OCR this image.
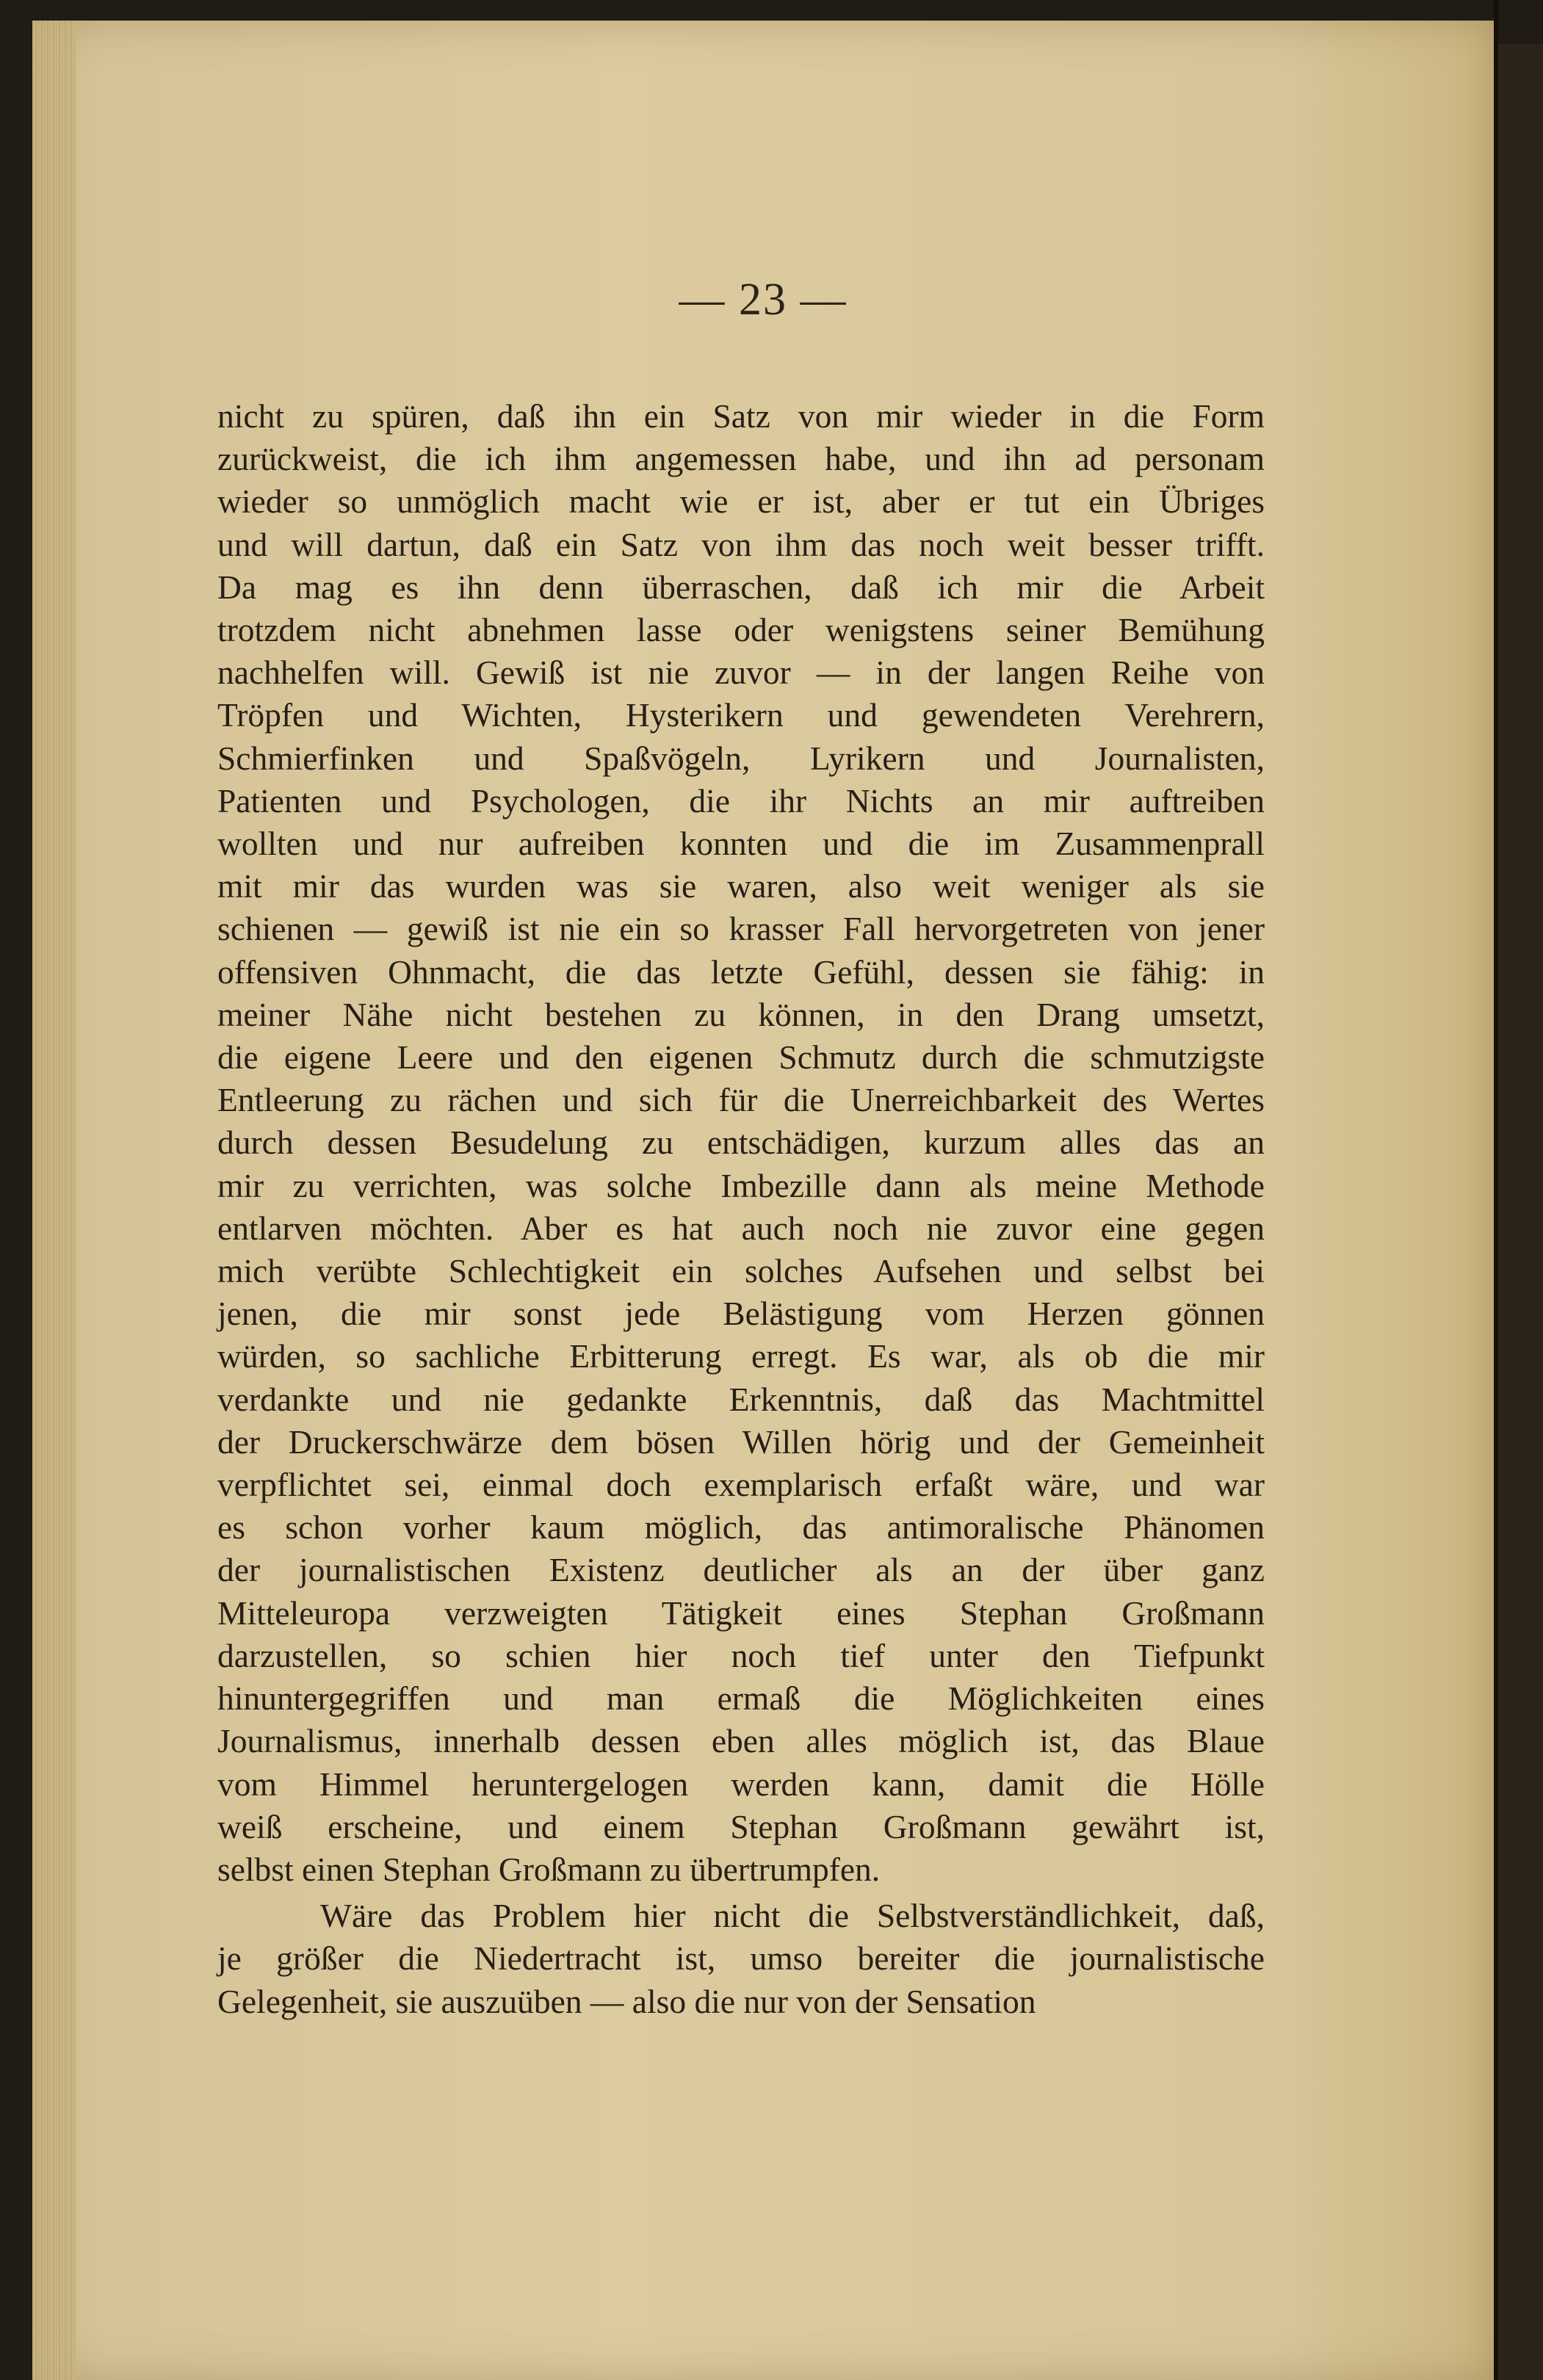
— 23 —

nicht zu spüren, daß ihn ein Satz von mir wieder in die Form
zurückweist, die ich ihm angemessen habe, und ihn ad personam
wieder so unmöglich macht wie er ist, aber er tut ein Übriges
und will dartun, daß ein Satz von ihm das noch weit besser trifft.
Da mag es ihn denn überraschen, daß ich mir die Arbeit
trotzdem nicht abnehmen lasse oder wenigstens seiner Bemühung
nachhelfen will. Gewiß ist nie zuvor — in der langen Reihe von
Tröpfen und Wichten, Hysterikern und gewendeten Verehrern,
Schmierfinken und Spaßvögeln, Lyrikern und Journalisten,
Patienten und Psychologen, die ihr Nichts an mir auftreiben
wollten und nur aufreiben konnten und die im Zusammenprall
mit mir das wurden was sie waren, also weit weniger als sie
schienen — gewiß ist nie ein so krasser Fall hervorgetreten von jener
offensiven Ohnmacht, die das letzte Gefühl, dessen sie fähig: in
meiner Nähe nicht bestehen zu können, in den Drang umsetzt,
die eigene Leere und den eigenen Schmutz durch die schmutzigste
Entleerung zu rächen und sich für die Unerreichbarkeit des Wertes
durch dessen Besudelung zu entschädigen, kurzum alles das an
mir zu verrichten, was solche Imbezille dann als meine Methode
entlarven möchten. Aber es hat auch noch nie zuvor eine gegen
mich verübte Schlechtigkeit ein solches Aufsehen und selbst bei
jenen, die mir sonst jede Belästigung vom Herzen gönnen
würden, so sachliche Erbitterung erregt. Es war, als ob die mir
verdankte und nie gedankte Erkenntnis, daß das Machtmittel
der Druckerschwärze dem bösen Willen hörig und der Gemeinheit
verpflichtet sei, einmal doch exemplarisch erfaßt wäre, und war
es schon vorher kaum möglich, das antimoralische Phänomen
der journalistischen Existenz deutlicher als an der über ganz
Mitteleuropa verzweigten Tätigkeit eines Stephan Großmann
darzustellen, so schien hier noch tief unter den Tiefpunkt
hinuntergegriffen und man ermaß die Möglichkeiten eines
Journalismus, innerhalb dessen eben alles möglich ist, das Blaue
vom Himmel heruntergelogen werden kann, damit die Hölle
weiß erscheine, und einem Stephan Großmann gewährt ist,
selbst einen Stephan Großmann zu übertrumpfen.

Wäre das Problem hier nicht die Selbstverständlichkeit, daß,
je größer die Niedertracht ist, umso bereiter die journalistische
Gelegenheit, sie auszuüben — also die nur von der Sensation
